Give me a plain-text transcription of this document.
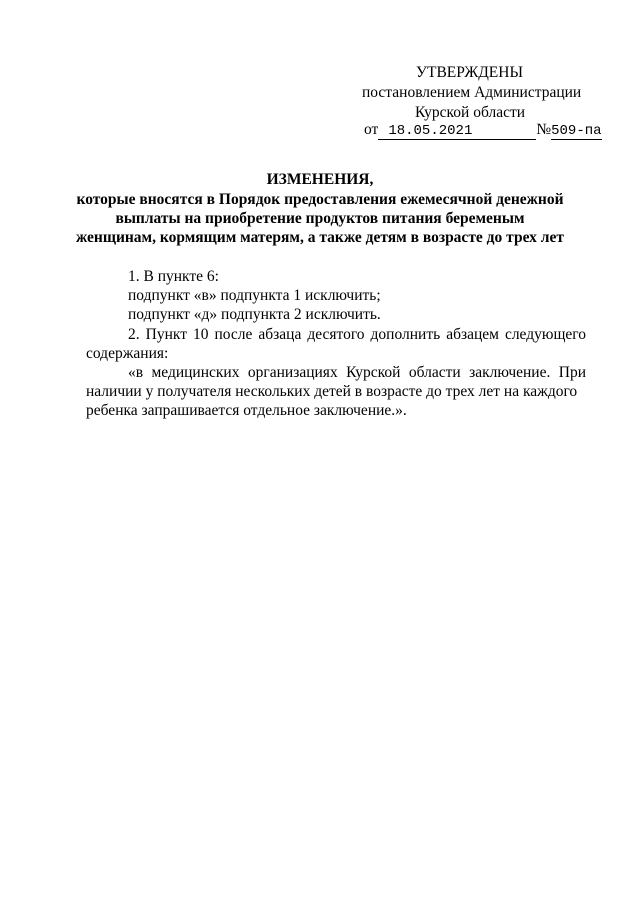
УТВЕРЖДЕНЫ
постановлением Администрации
Курской области
от 18.05.2021	№509-па
ИЗМЕНЕНИЯ,
которые вносятся в Порядок предоставления ежемесячной денежной
выплаты на приобретение продуктов питания беременым
женщинам, кормящим матерям, а также детям в возрасте до трех лет
1. В пункте 6:
подпункт «в» подпункта 1 исключить;
подпункт «д» подпункта 2 исключить.
2. Пункт 10 после абзаца десятого дополнить абзацем следующего
содержания:
«в медицинских организациях Курской области заключение. При
наличии у получателя нескольких детей в возрасте до трех лет на каждого
ребенка запрашивается отдельное заключение.».
